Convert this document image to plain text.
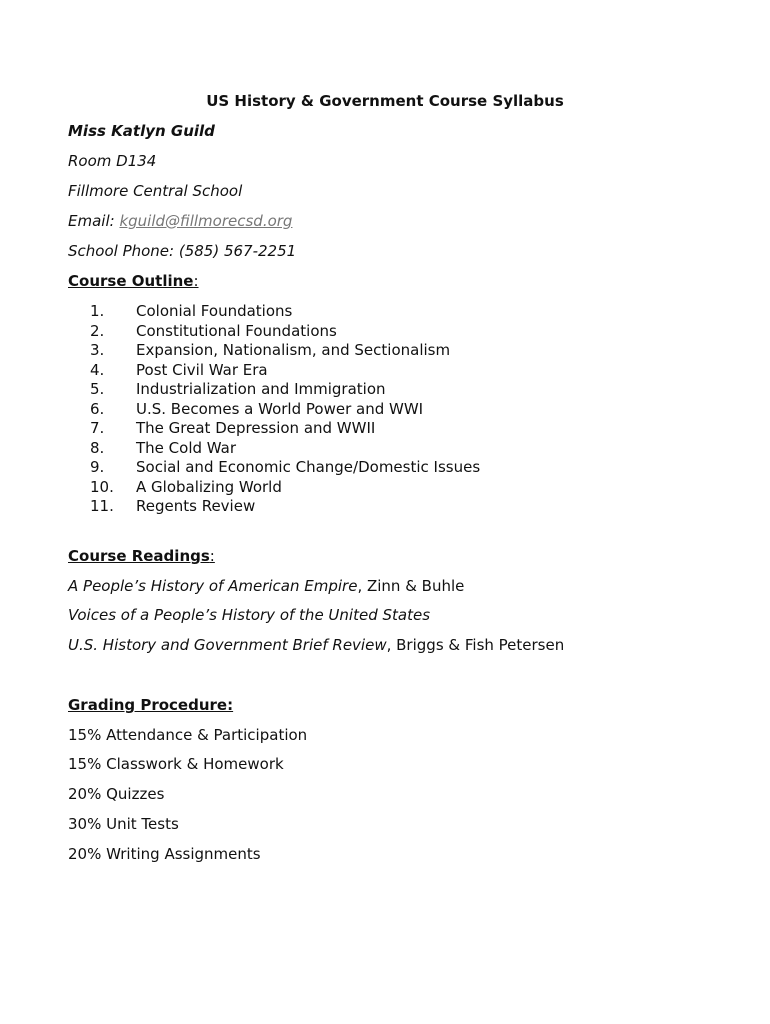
US History & Government Course Syllabus
Miss Katlyn Guild
Room D134
Fillmore Central School
Email: kguild@fillmorecsd.org
School Phone: (585) 567-2251
Course Outline:
1.	Colonial Foundations
2.	Constitutional Foundations
3.	Expansion, Nationalism, and Sectionalism
4.	Post Civil War Era
5.	Industrialization and Immigration
6.	U.S. Becomes a World Power and WWI
7.	The Great Depression and WWII
8.	The Cold War
9.	Social and Economic Change/Domestic Issues
10.	A Globalizing World
11.	Regents Review
Course Readings:
A People’s History of American Empire, Zinn & Buhle
Voices of a People’s History of the United States
U.S. History and Government Brief Review, Briggs & Fish Petersen
Grading Procedure:
15% Attendance & Participation
15% Classwork & Homework
20% Quizzes
30% Unit Tests
20% Writing Assignments
